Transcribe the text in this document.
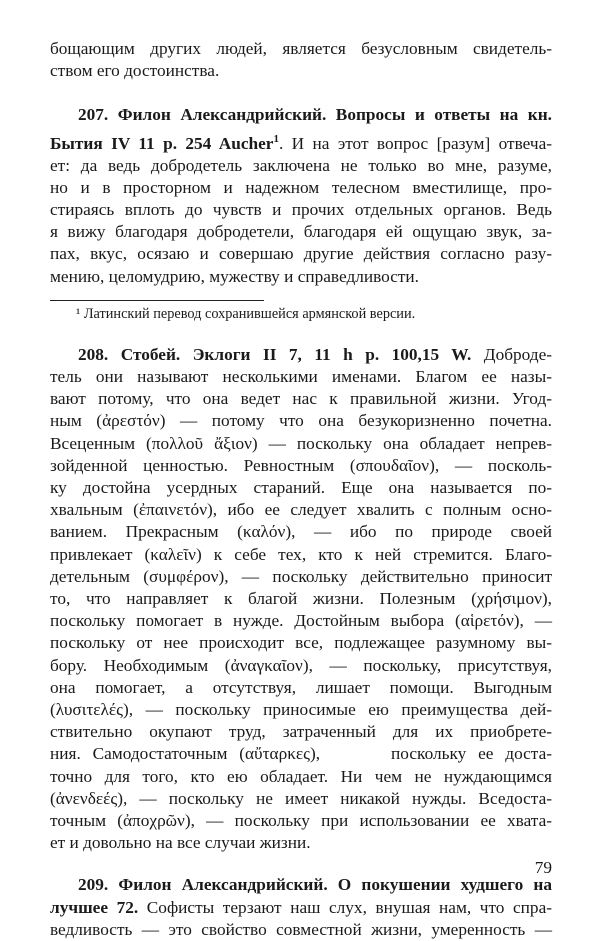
бощающим других людей, является безусловным свидетель-
ством его достоинства.
207. Филон Александрийский. Вопросы и ответы на кн.
Бытия IV 11 p. 254 Aucher$^1$. И на этот вопрос [разум] отвеча-
ет: да ведь добродетель заключена не только во мне, разуме,
но и в просторном и надежном телесном вместилище, про-
стираясь вплоть до чувств и прочих отдельных органов. Ведь
я вижу благодаря добродетели, благодаря ей ощущаю звук, за-
пах, вкус, осязаю и совершаю другие действия согласно разу-
мению, целомудрию, мужеству и справедливости.
¹ Латинский перевод сохранившейся армянской версии.
208. Стобей. Эклоги II 7, 11 h p. 100,15 W. Доброде-
тель они называют несколькими именами. Благом ее назы-
вают потому, что она ведет нас к правильной жизни. Угод-
ным (ἀρεστόν) — потому что она безукоризненно почетна.
Всеценным (πολλοῦ ἄξιον) — поскольку она обладает непрев-
зойденной ценностью. Ревностным (σπουδαῖον), — посколь-
ку достойна усердных стараний. Еще она называется по-
хвальным (ἐπαινετόν), ибо ее следует хвалить с полным осно-
ванием. Прекрасным (καλόν), — ибо по природе своей
привлекает (καλεῖν) к себе тех, кто к ней стремится. Благо-
детельным (συμφέρον), — поскольку действительно приносит
то, что направляет к благой жизни. Полезным (χρήσιμον),
поскольку помогает в нужде. Достойным выбора (αἱρετόν), —
поскольку от нее происходит все, подлежащее разумному вы-
бору. Необходимым (ἀναγκαῖον), — поскольку, присутствуя,
она помогает, а отсутствуя, лишает помощи. Выгодным
(λυσιτελές), — поскольку приносимые ею преимущества дей-
ствительно окупают труд, затраченный для их приобрете-
ния. Самодостаточным (αὔταρκες),      поскольку ее доста-
точно для того, кто ею обладает. Ни чем не нуждающимся
(ἀνενδεές), — поскольку не имеет никакой нужды. Вседоста-
точным (ἀποχρῶν), — поскольку при использовании ее хвата-
ет и довольно на все случаи жизни.
209. Филон Александрийский. О покушении худшего на
лучшее 72. Софисты терзают наш слух, внушая нам, что спра-
ведливость — это свойство совместной жизни, умеренность —
79
